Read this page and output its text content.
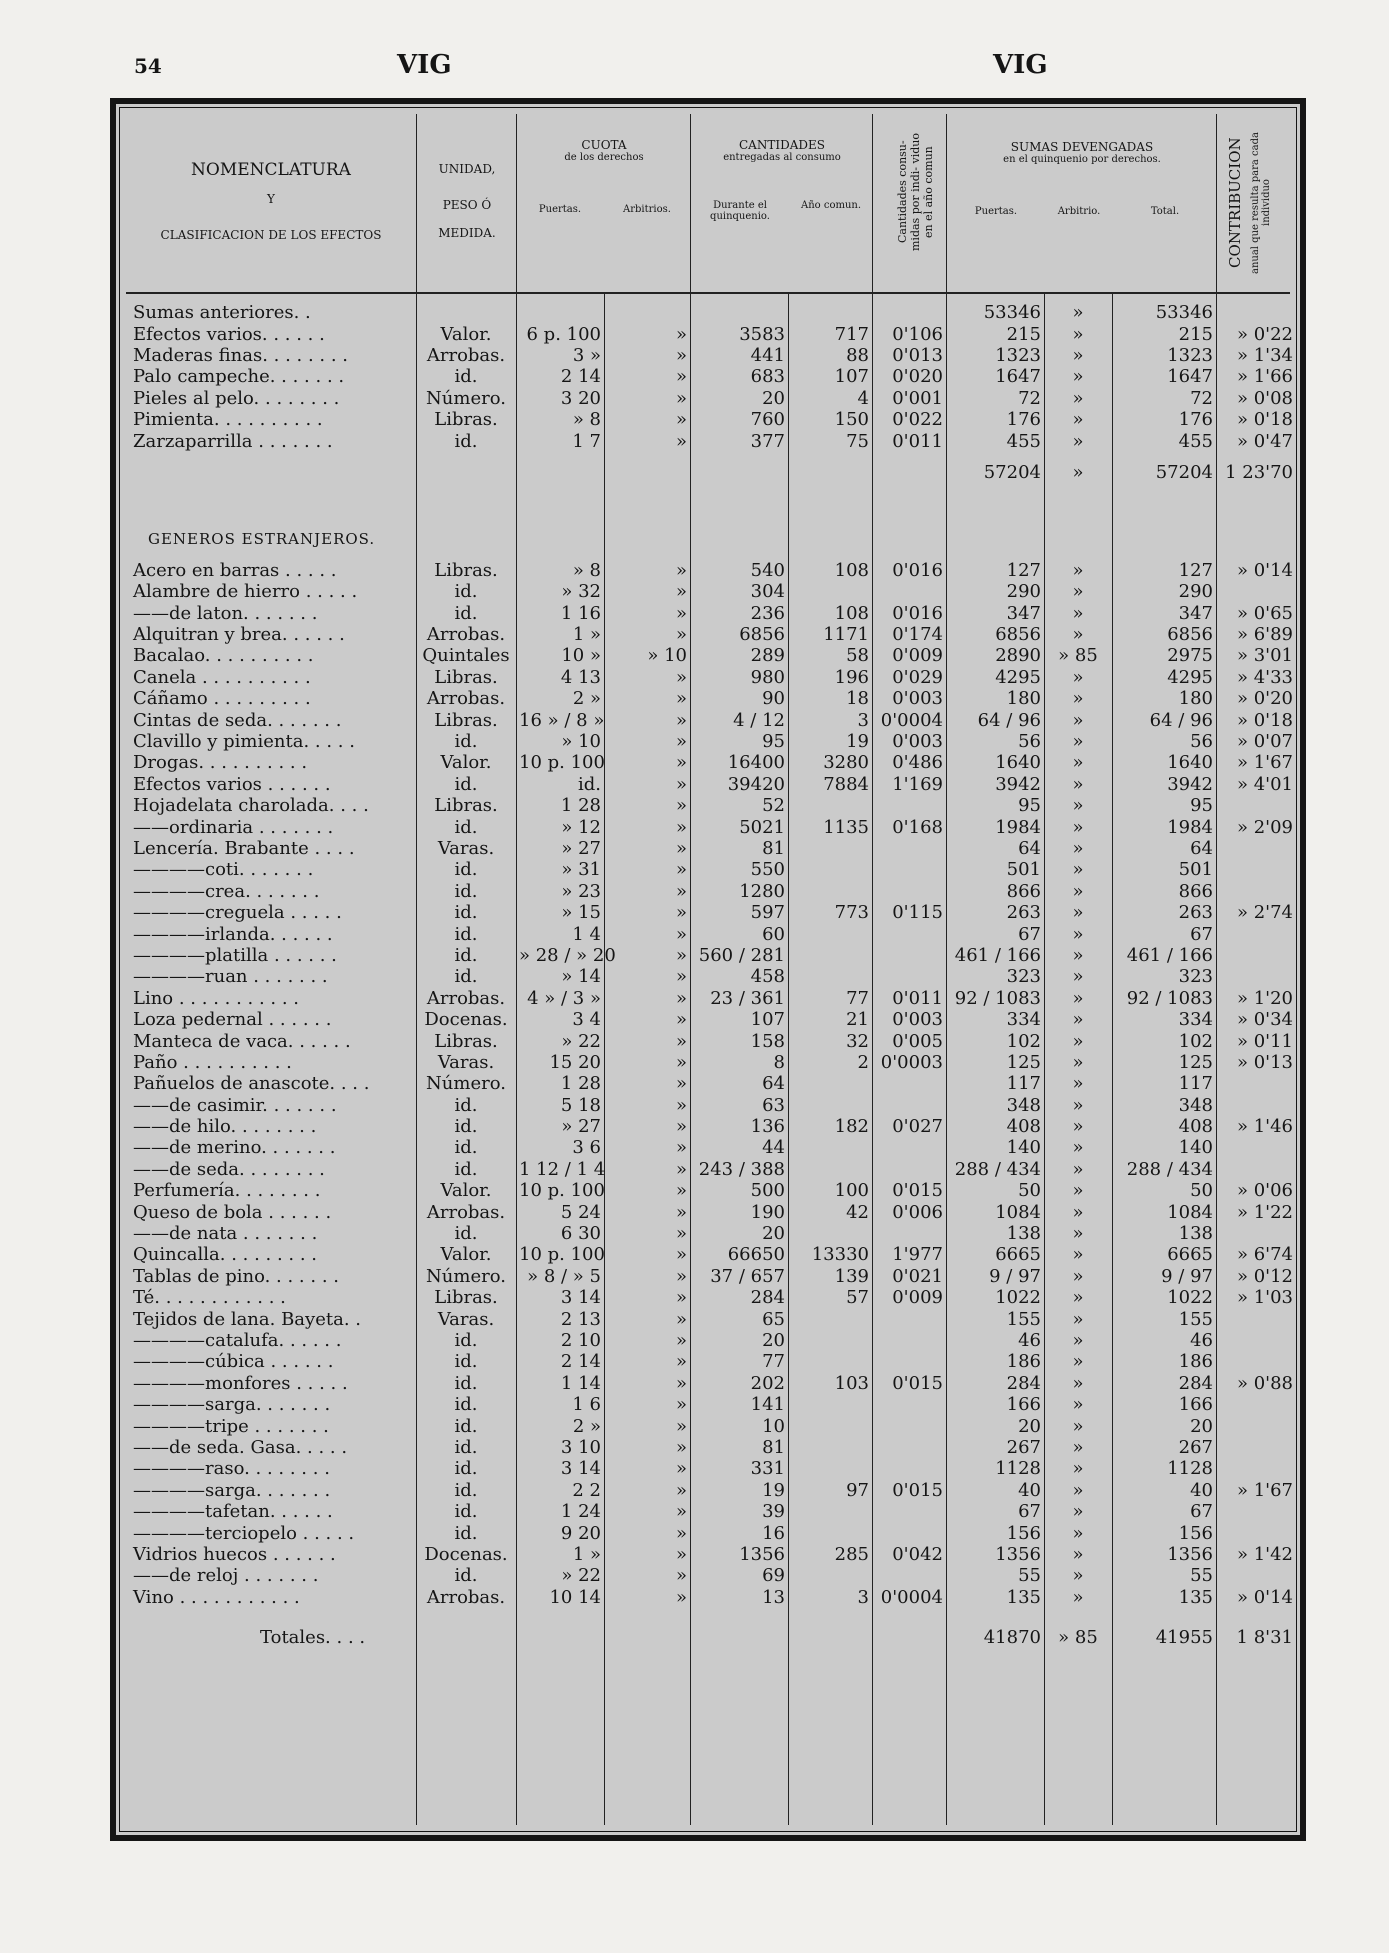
54	VIG	VIG
NOMENCLATURA
Y
CLASIFICACION DE LOS EFECTOS
UNIDAD,
PESO Ó
MEDIDA.
CUOTA
de los derechos
Puertas.	Arbitrios.
CANTIDADES
entregadas al consumo
Durante el quinquenio.
Año comun.	Cantidades consu- midas por indi- viduo en el año comun	SUMAS DEVENGADAS
en el quinquenio por derechos.
Puertas.	Arbitrio.	Total.	CONTRIBUCION anual que resulta para cada individuo
Sumas anteriores. .							53346	»	53346	
Efectos varios. . . . . .	Valor.	6 p. 100	»	3583	717	0'106	215	»	215	» 0'22
Maderas finas. . . . . . . .	Arrobas.	3 »	»	441	88	0'013	1323	»	1323	» 1'34
Palo campeche. . . . . . .	id.	2 14	»	683	107	0'020	1647	»	1647	» 1'66
Pieles al pelo. . . . . . . .	Número.	3 20	»	20	4	0'001	72	»	72	» 0'08
Pimienta. . . . . . . . . .	Libras.	» 8	»	760	150	0'022	176	»	176	» 0'18
Zarzaparrilla . . . . . . .	id.	1 7	»	377	75	0'011	455	»	455	» 0'47
							57204	»	57204	1 23'70
GENEROS ESTRANJEROS.										
Acero en barras . . . . .	Libras.	» 8	»	540	108	0'016	127	»	127	» 0'14
Alambre de hierro . . . . .	id.	» 32	»	304			290	»	290	
——de laton. . . . . . .	id.	1 16	»	236	108	0'016	347	»	347	» 0'65
Alquitran y brea. . . . . .	Arrobas.	1 »	»	6856	1171	0'174	6856	»	6856	» 6'89
Bacalao. . . . . . . . . .	Quintales	10 »	» 10	289	58	0'009	2890	» 85	2975	» 3'01
Canela . . . . . . . . . .	Libras.	4 13	»	980	196	0'029	4295	»	4295	» 4'33
Cáñamo . . . . . . . . .	Arrobas.	2 »	»	90	18	0'003	180	»	180	» 0'20
Cintas de seda. . . . . . .	Libras.	16 » / 8 »	»	4 / 12	3	0'0004	64 / 96	»	64 / 96	» 0'18
Clavillo y pimienta. . . . .	id.	» 10	»	95	19	0'003	56	»	56	» 0'07
Drogas. . . . . . . . . .	Valor.	10 p. 100	»	16400	3280	0'486	1640	»	1640	» 1'67
Efectos varios . . . . . .	id.	id.	»	39420	7884	1'169	3942	»	3942	» 4'01
Hojadelata charolada. . . .	Libras.	1 28	»	52			95	»	95	
——ordinaria . . . . . . .	id.	» 12	»	5021	1135	0'168	1984	»	1984	» 2'09
Lencería. Brabante . . . .	Varas.	» 27	»	81			64	»	64	
————coti. . . . . . .	id.	» 31	»	550			501	»	501	
————crea. . . . . . .	id.	» 23	»	1280			866	»	866	
————creguela . . . . .	id.	» 15	»	597	773	0'115	263	»	263	» 2'74
————irlanda. . . . . .	id.	1 4	»	60			67	»	67	
————platilla . . . . . .	id.	» 28 / » 20	»	560 / 281			461 / 166	»	461 / 166	
————ruan . . . . . . .	id.	» 14	»	458			323	»	323	
Lino . . . . . . . . . . .	Arrobas.	4 » / 3 »	»	23 / 361	77	0'011	92 / 1083	»	92 / 1083	» 1'20
Loza pedernal . . . . . .	Docenas.	3 4	»	107	21	0'003	334	»	334	» 0'34
Manteca de vaca. . . . . .	Libras.	» 22	»	158	32	0'005	102	»	102	» 0'11
Paño . . . . . . . . . .	Varas.	15 20	»	8	2	0'0003	125	»	125	» 0'13
Pañuelos de anascote. . . .	Número.	1 28	»	64			117	»	117	
——de casimir. . . . . . .	id.	5 18	»	63			348	»	348	
——de hilo. . . . . . . .	id.	» 27	»	136	182	0'027	408	»	408	» 1'46
——de merino. . . . . . .	id.	3 6	»	44			140	»	140	
——de seda. . . . . . . .	id.	1 12 / 1 4	»	243 / 388			288 / 434	»	288 / 434	
Perfumería. . . . . . . .	Valor.	10 p. 100	»	500	100	0'015	50	»	50	» 0'06
Queso de bola . . . . . .	Arrobas.	5 24	»	190	42	0'006	1084	»	1084	» 1'22
——de nata . . . . . . .	id.	6 30	»	20			138	»	138	
Quincalla. . . . . . . . .	Valor.	10 p. 100	»	66650	13330	1'977	6665	»	6665	» 6'74
Tablas de pino. . . . . . .	Número.	» 8 / » 5	»	37 / 657	139	0'021	9 / 97	»	9 / 97	» 0'12
Té. . . . . . . . . . . .	Libras.	3 14	»	284	57	0'009	1022	»	1022	» 1'03
Tejidos de lana. Bayeta. .	Varas.	2 13	»	65			155	»	155	
————catalufa. . . . . .	id.	2 10	»	20			46	»	46	
————cúbica . . . . . .	id.	2 14	»	77			186	»	186	
————monfores . . . . .	id.	1 14	»	202	103	0'015	284	»	284	» 0'88
————sarga. . . . . . .	id.	1 6	»	141			166	»	166	
————tripe . . . . . . .	id.	2 »	»	10			20	»	20	
——de seda. Gasa. . . . .	id.	3 10	»	81			267	»	267	
————raso. . . . . . . .	id.	3 14	»	331			1128	»	1128	
————sarga. . . . . . .	id.	2 2	»	19	97	0'015	40	»	40	» 1'67
————tafetan. . . . . .	id.	1 24	»	39			67	»	67	
————terciopelo . . . . .	id.	9 20	»	16			156	»	156	
Vidrios huecos . . . . . .	Docenas.	1 »	»	1356	285	0'042	1356	»	1356	» 1'42
——de reloj . . . . . . .	id.	» 22	»	69			55	»	55	
Vino . . . . . . . . . . .	Arrobas.	10 14	»	13	3	0'0004	135	»	135	» 0'14
Totales. . . .							41870	» 85	41955	1 8'31
